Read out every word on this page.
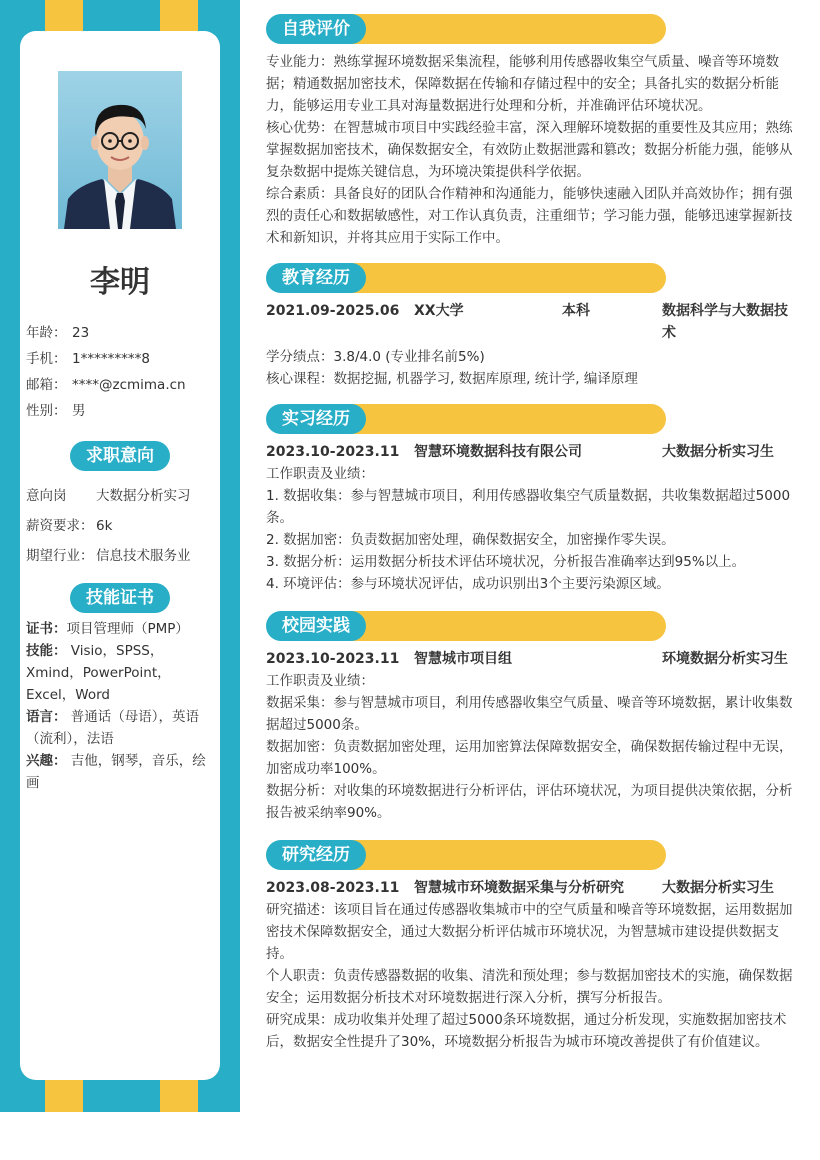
李明
年龄： 23
手机： 1*********8
邮箱： ****@zcmima.cn
性别： 男
求职意向
意向岗 大数据分析实习
薪资要求： 6k
期望行业： 信息技术服务业
技能证书

证书：项目管理师（PMP）

技能： Visio，SPSS，Xmind，PowerPoint，Excel，Word

语言： 普通话（母语），英语（流利），法语

兴趣： 吉他，钢琴，音乐，绘画

自我评价

专业能力：熟练掌握环境数据采集流程，能够利用传感器收集空气质量、噪音等环境数据；精通数据加密技术，保障数据在传输和存储过程中的安全；具备扎实的数据分析能力，能够运用专业工具对海量数据进行处理和分析，并准确评估环境状况。

核心优势：在智慧城市项目中实践经验丰富，深入理解环境数据的重要性及其应用；熟练掌握数据加密技术，确保数据安全，有效防止数据泄露和篡改；数据分析能力强，能够从复杂数据中提炼关键信息，为环境决策提供科学依据。

综合素质：具备良好的团队合作精神和沟通能力，能够快速融入团队并高效协作；拥有强烈的责任心和数据敏感性，对工作认真负责，注重细节；学习能力强，能够迅速掌握新技术和新知识，并将其应用于实际工作中。

教育经历
2021.09-2025.06 XX大学	本科	数据科学与大数据技术

学分绩点：3.8/4.0 (专业排名前5%)

核心课程：数据挖掘, 机器学习, 数据库原理, 统计学, 编译原理

实习经历
2023.10-2023.11 智慧环境数据科技有限公司	大数据分析实习生

工作职责及业绩：

1. 数据收集：参与智慧城市项目，利用传感器收集空气质量数据，共收集数据超过5000条。

2. 数据加密：负责数据加密处理，确保数据安全，加密操作零失误。

3. 数据分析：运用数据分析技术评估环境状况，分析报告准确率达到95%以上。

4. 环境评估：参与环境状况评估，成功识别出3个主要污染源区域。

校园实践
2023.10-2023.11 智慧城市项目组	环境数据分析实习生

工作职责及业绩：

数据采集：参与智慧城市项目，利用传感器收集空气质量、噪音等环境数据，累计收集数据超过5000条。

数据加密：负责数据加密处理，运用加密算法保障数据安全，确保数据传输过程中无误，加密成功率100%。

数据分析：对收集的环境数据进行分析评估，评估环境状况，为项目提供决策依据，分析报告被采纳率90%。

研究经历
2023.08-2023.11 智慧城市环境数据采集与分析研究	大数据分析实习生

研究描述：该项目旨在通过传感器收集城市中的空气质量和噪音等环境数据，运用数据加密技术保障数据安全，通过大数据分析评估城市环境状况，为智慧城市建设提供数据支持。

个人职责：负责传感器数据的收集、清洗和预处理；参与数据加密技术的实施，确保数据安全；运用数据分析技术对环境数据进行深入分析，撰写分析报告。

研究成果：成功收集并处理了超过5000条环境数据，通过分析发现，实施数据加密技术后，数据安全性提升了30%，环境数据分析报告为城市环境改善提供了有价值建议。
